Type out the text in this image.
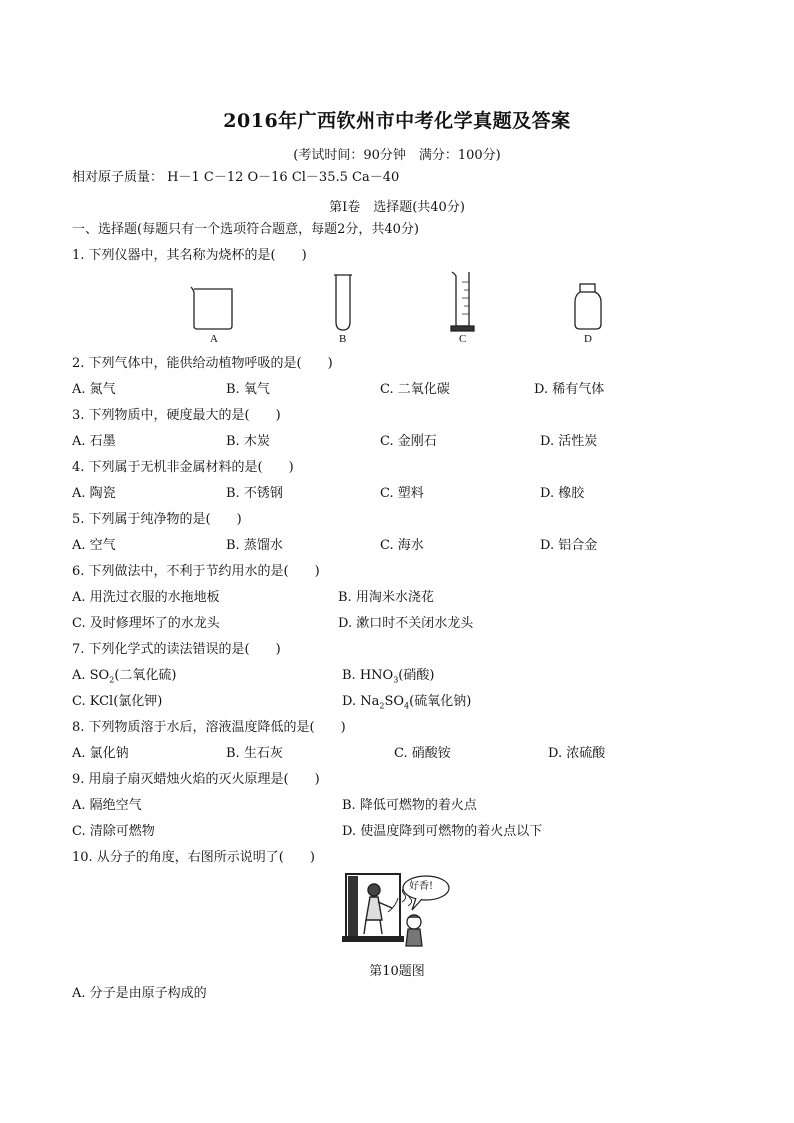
2016年广西钦州市中考化学真题及答案
(考试时间：90分钟　满分：100分)
相对原子质量： H－1 C－12 O－16 Cl－35.5 Ca－40
第Ⅰ卷　选择题(共40分)
一、选择题(每题只有一个选项符合题意，每题2分，共40分)
1. 下列仪器中，其名称为烧杯的是(　　)
A	B	C	D
2. 下列气体中，能供给动植物呼吸的是(　　)
A. 氮气	B. 氧气	C. 二氧化碳	D. 稀有气体
3. 下列物质中，硬度最大的是(　　)
A. 石墨	B. 木炭	C. 金刚石	D. 活性炭
4. 下列属于无机非金属材料的是(　　)
A. 陶瓷	B. 不锈钢	C. 塑料	D. 橡胶
5. 下列属于纯净物的是(　　)
A. 空气	B. 蒸馏水	C. 海水	D. 铝合金
6. 下列做法中，不利于节约用水的是(　　)
A. 用洗过衣服的水拖地板	B. 用淘米水浇花
C. 及时修理坏了的水龙头	D. 漱口时不关闭水龙头
7. 下列化学式的读法错误的是(　　)
A. $SO_2$(二氧化硫)	B. $HNO_3$(硝酸)
C. KCl(氯化钾)	D. $Na_2SO_4$(硫氧化钠)
8. 下列物质溶于水后，溶液温度降低的是(　　)
A. 氯化钠	B. 生石灰	C. 硝酸铵	D. 浓硫酸
9. 用扇子扇灭蜡烛火焰的灭火原理是(　　)
A. 隔绝空气	B. 降低可燃物的着火点
C. 清除可燃物	D. 使温度降到可燃物的着火点以下
10. 从分子的角度，右图所示说明了(　　)
好香!
第10题图
A. 分子是由原子构成的
